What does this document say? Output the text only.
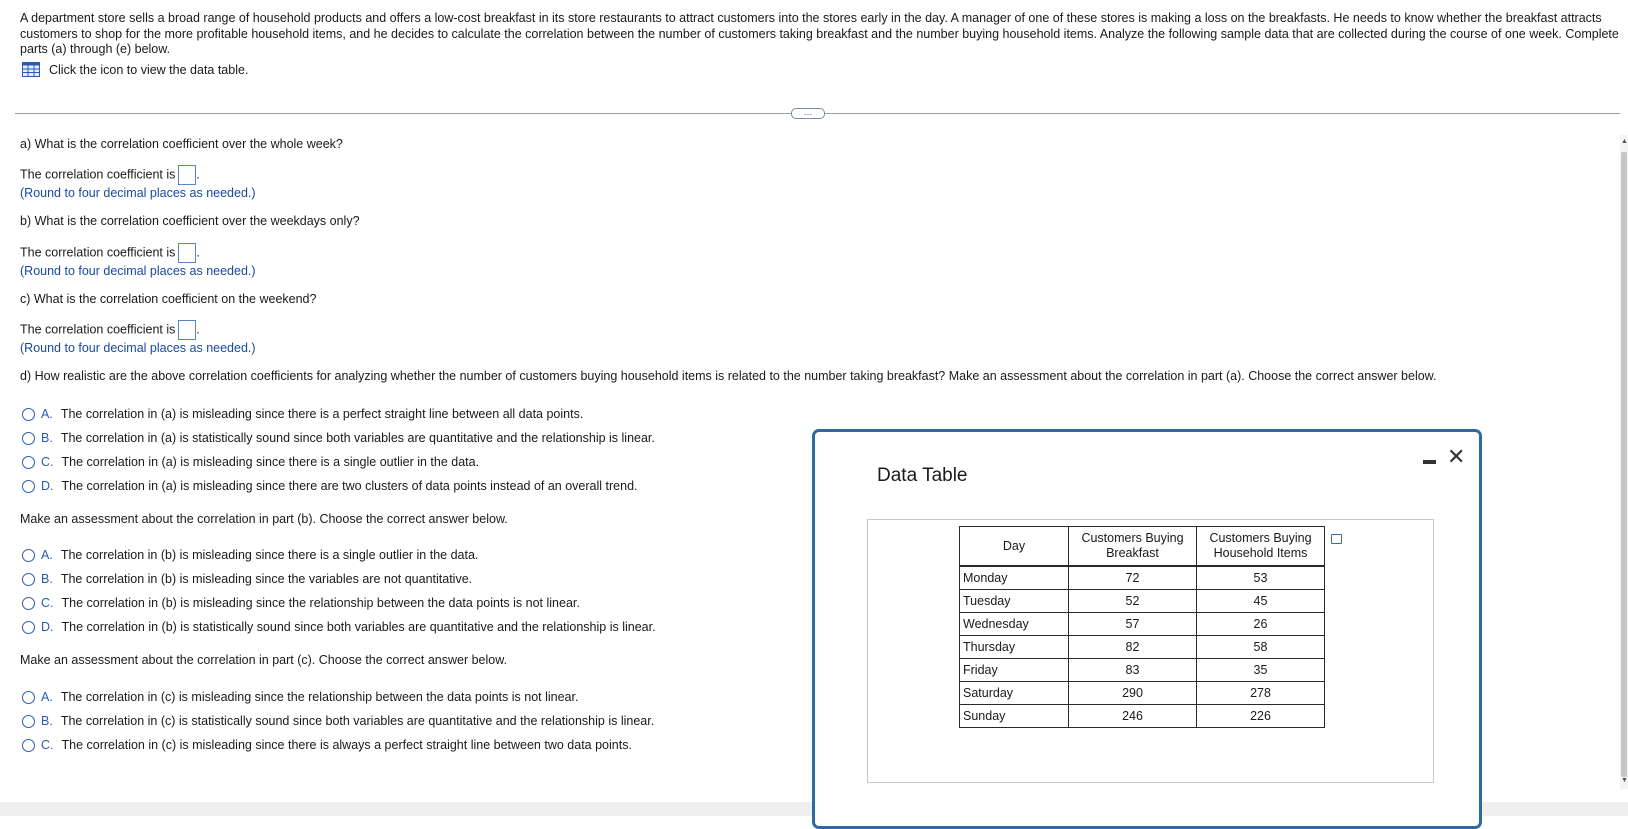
A department store sells a broad range of household products and offers a low-cost breakfast in its store restaurants to attract customers into the stores early in the day. A manager of one of these stores is making a loss on the breakfasts. He needs to know whether the breakfast attracts customers to shop for the more profitable household items, and he decides to calculate the correlation between the number of customers taking breakfast and the number buying household items. Analyze the following sample data that are collected during the course of one week. Complete parts (a) through (e) below.
Click the icon to view the data table.
…
a) What is the correlation coefficient over the whole week?
The correlation coefficient is .
(Round to four decimal places as needed.)
b) What is the correlation coefficient over the weekdays only?
The correlation coefficient is .
(Round to four decimal places as needed.)
c) What is the correlation coefficient on the weekend?
The correlation coefficient is .
(Round to four decimal places as needed.)
d) How realistic are the above correlation coefficients for analyzing whether the number of customers buying household items is related to the number taking breakfast? Make an assessment about the correlation in part (a). Choose the correct answer below.
A. The correlation in (a) is misleading since there is a perfect straight line between all data points.
B. The correlation in (a) is statistically sound since both variables are quantitative and the relationship is linear.
C. The correlation in (a) is misleading since there is a single outlier in the data.
D. The correlation in (a) is misleading since there are two clusters of data points instead of an overall trend.
Make an assessment about the correlation in part (b). Choose the correct answer below.
A. The correlation in (b) is misleading since there is a single outlier in the data.
B. The correlation in (b) is misleading since the variables are not quantitative.
C. The correlation in (b) is misleading since the relationship between the data points is not linear.
D. The correlation in (b) is statistically sound since both variables are quantitative and the relationship is linear.
Make an assessment about the correlation in part (c). Choose the correct answer below.
A. The correlation in (c) is misleading since the relationship between the data points is not linear.
B. The correlation in (c) is statistically sound since both variables are quantitative and the relationship is linear.
C. The correlation in (c) is misleading since there is always a perfect straight line between two data points.
▲
▼
Data Table
✕
Day	Customers Buying Breakfast	Customers Buying Household Items
Monday	72	53
Tuesday	52	45
Wednesday	57	26
Thursday	82	58
Friday	83	35
Saturday	290	278
Sunday	246	226
